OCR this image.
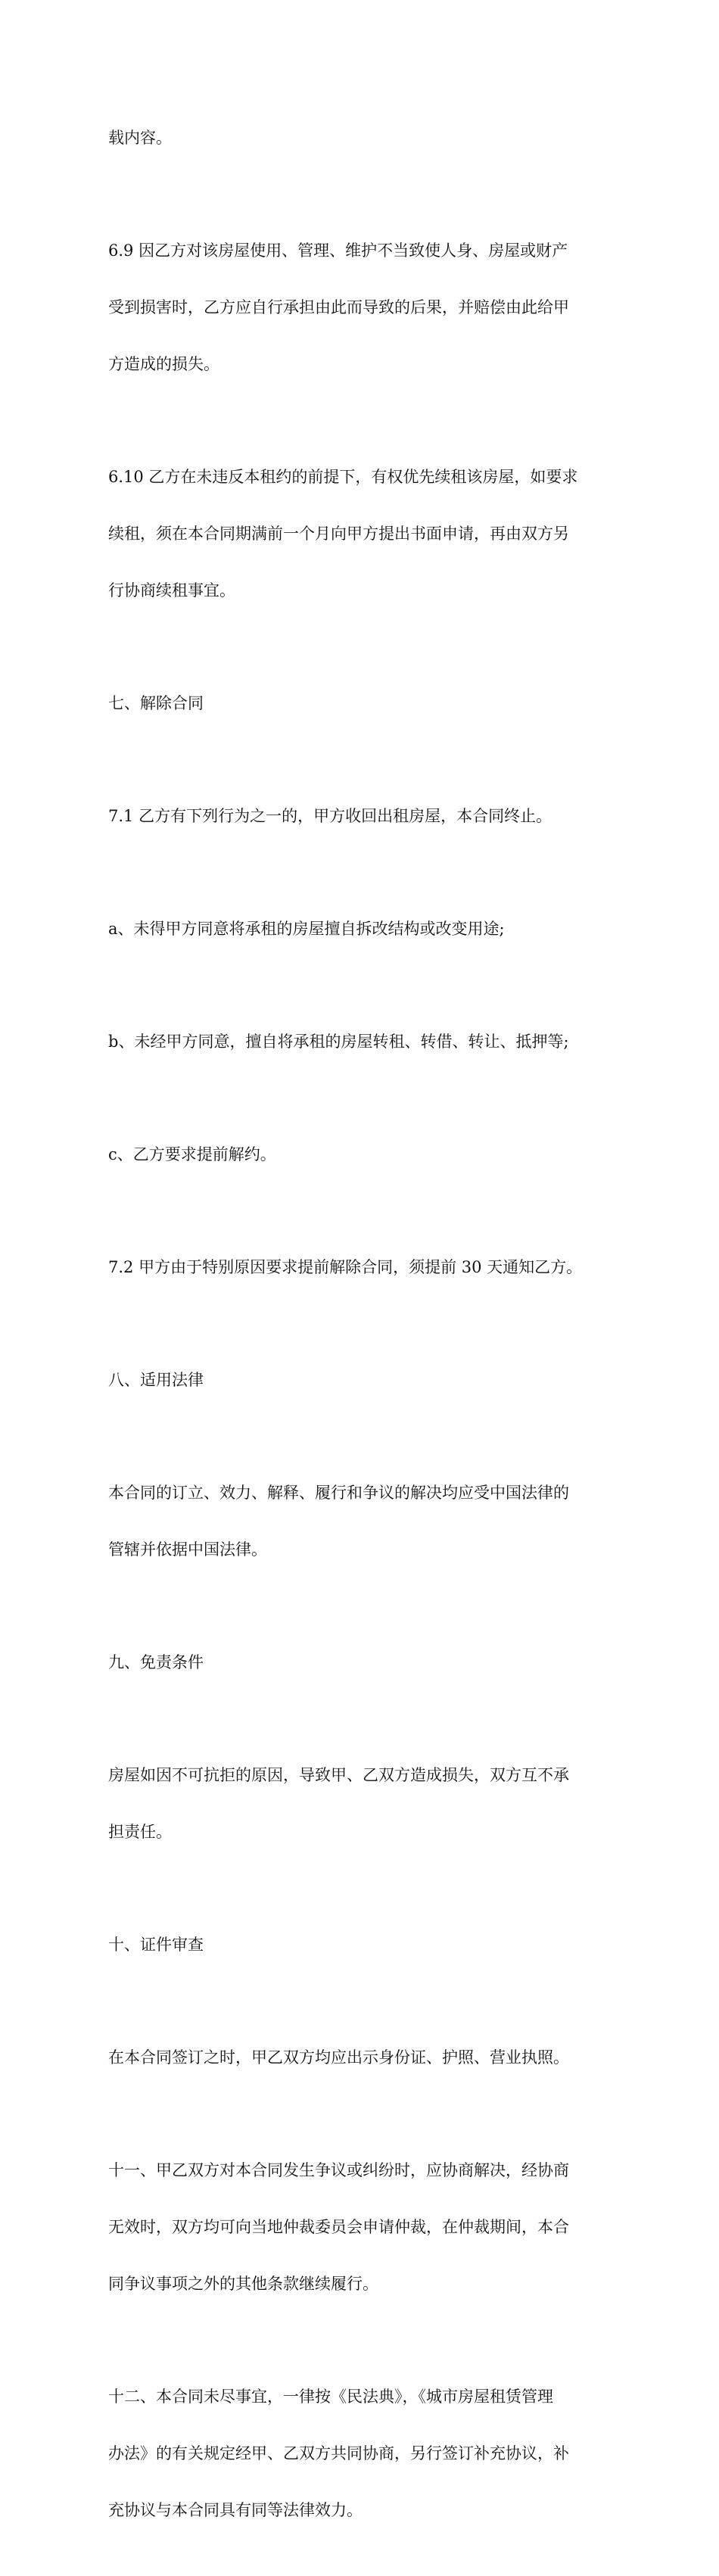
载内容。

6.9 因乙方对该房屋使用、管理、维护不当致使人身、房屋或财产

受到损害时，乙方应自行承担由此而导致的后果，并赔偿由此给甲

方造成的损失。

6.10 乙方在未违反本租约的前提下，有权优先续租该房屋，如要求

续租，须在本合同期满前一个月向甲方提出书面申请，再由双方另

行协商续租事宜。

七、解除合同

7.1 乙方有下列行为之一的，甲方收回出租房屋，本合同终止。

a、未得甲方同意将承租的房屋擅自拆改结构或改变用途;

b、未经甲方同意，擅自将承租的房屋转租、转借、转让、抵押等;

c、乙方要求提前解约。

7.2 甲方由于特别原因要求提前解除合同，须提前 30 天通知乙方。

八、适用法律

本合同的订立、效力、解释、履行和争议的解决均应受中国法律的

管辖并依据中国法律。

九、免责条件

房屋如因不可抗拒的原因，导致甲、乙双方造成损失，双方互不承

担责任。

十、证件审查

在本合同签订之时，甲乙双方均应出示身份证、护照、营业执照。

十一、甲乙双方对本合同发生争议或纠纷时，应协商解决，经协商

无效时，双方均可向当地仲裁委员会申请仲裁，在仲裁期间，本合

同争议事项之外的其他条款继续履行。

十二、本合同未尽事宜，一律按《民法典》，《城市房屋租赁管理

办法》的有关规定经甲、乙双方共同协商，另行签订补充协议，补

充协议与本合同具有同等法律效力。
